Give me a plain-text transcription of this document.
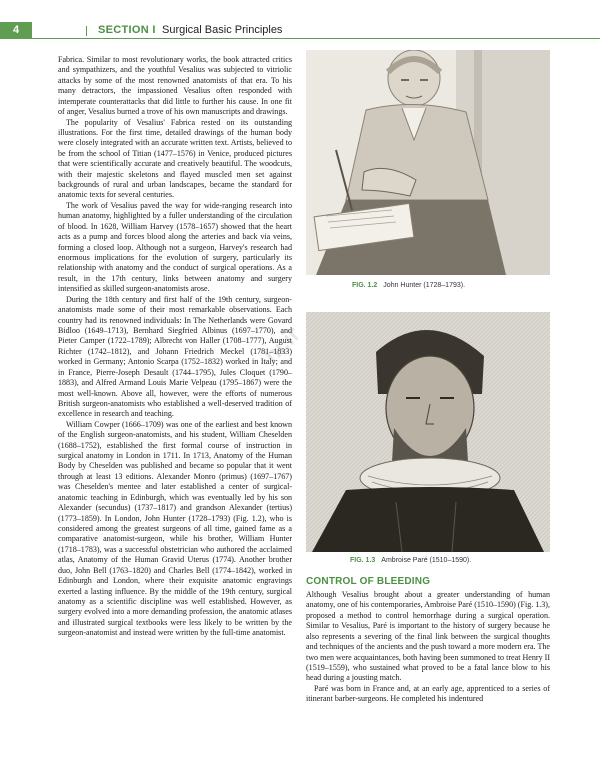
4	SECTION I Surgical Basic Principles

Fabrica. Similar to most revolutionary works, the book attracted critics and sympathizers, and the youthful Vesalius was subjected to vitriolic attacks by some of the most renowned anatomists of that era. To his many detractors, the impassioned Vesalius often responded with intemperate counterattacks that did little to further his cause. In one fit of anger, Vesalius burned a trove of his own manuscripts and drawings.

The popularity of Vesalius' Fabrica rested on its outstanding illustrations. For the first time, detailed drawings of the human body were closely integrated with an accurate written text. Artists, believed to be from the school of Titian (1477–1576) in Venice, produced pictures that were scientifically accurate and creatively beautiful. The woodcuts, with their majestic skeletons and flayed muscled men set against backgrounds of rural and urban landscapes, became the standard for anatomic texts for several centuries.

The work of Vesalius paved the way for wide-ranging research into human anatomy, highlighted by a fuller understanding of the circulation of blood. In 1628, William Harvey (1578–1657) showed that the heart acts as a pump and forces blood along the arteries and back via veins, forming a closed loop. Although not a surgeon, Harvey's research had enormous implications for the evolution of surgery, particularly its relationship with anatomy and the conduct of surgical operations. As a result, in the 17th century, links between anatomy and surgery intensified as skilled surgeon-anatomists arose.

During the 18th century and first half of the 19th century, surgeon-anatomists made some of their most remarkable observations. Each country had its renowned individuals: In The Netherlands were Govard Bidloo (1649–1713), Bernhard Siegfried Albinus (1697–1770), and Pieter Camper (1722–1789); Albrecht von Haller (1708–1777), August Richter (1742–1812), and Johann Friedrich Meckel (1781–1833) worked in Germany; Antonio Scarpa (1752–1832) worked in Italy; and in France, Pierre-Joseph Desault (1744–1795), Jules Cloquet (1790–1883), and Alfred Armand Louis Marie Velpeau (1795–1867) were the most well-known. Above all, however, were the efforts of numerous British surgeon-anatomists who established a well-deserved tradition of excellence in research and teaching.

William Cowper (1666–1709) was one of the earliest and best known of the English surgeon-anatomists, and his student, William Cheselden (1688–1752), established the first formal course of instruction in surgical anatomy in London in 1711. In 1713, Anatomy of the Human Body by Cheselden was published and became so popular that it went through at least 13 editions. Alexander Monro (primus) (1697–1767) was Cheselden's mentee and later established a center of surgical-anatomic teaching in Edinburgh, which was eventually led by his son Alexander (secundus) (1737–1817) and grandson Alexander (tertius) (1773–1859). In London, John Hunter (1728–1793) (Fig. 1.2), who is considered among the greatest surgeons of all time, gained fame as a comparative anatomist-surgeon, while his brother, William Hunter (1718–1783), was a successful obstetrician who authored the acclaimed atlas, Anatomy of the Human Gravid Uterus (1774). Another brother duo, John Bell (1763–1820) and Charles Bell (1774–1842), worked in Edinburgh and London, where their exquisite anatomic engravings exerted a lasting influence. By the middle of the 19th century, surgical anatomy as a scientific discipline was well established. However, as surgery evolved into a more demanding profession, the anatomic atlases and illustrated surgical textbooks were less likely to be written by the surgeon-anatomist and instead were written by the full-time anatomist.

FIG. 1.2 John Hunter (1728–1793).
FIG. 1.3 Ambroise Paré (1510–1590).
CONTROL OF BLEEDING

Although Vesalius brought about a greater understanding of human anatomy, one of his contemporaries, Ambroise Paré (1510–1590) (Fig. 1.3), proposed a method to control hemorrhage during a surgical operation. Similar to Vesalius, Paré is important to the history of surgery because he also represents a severing of the final link between the surgical thoughts and techniques of the ancients and the push toward a more modern era. The two men were acquaintances, both having been summoned to treat Henry II (1519–1559), who sustained what proved to be a fatal lance blow to his head during a jousting match.

Paré was born in France and, at an early age, apprenticed to a series of itinerant barber-surgeons. He completed his indentured

hi.ir
